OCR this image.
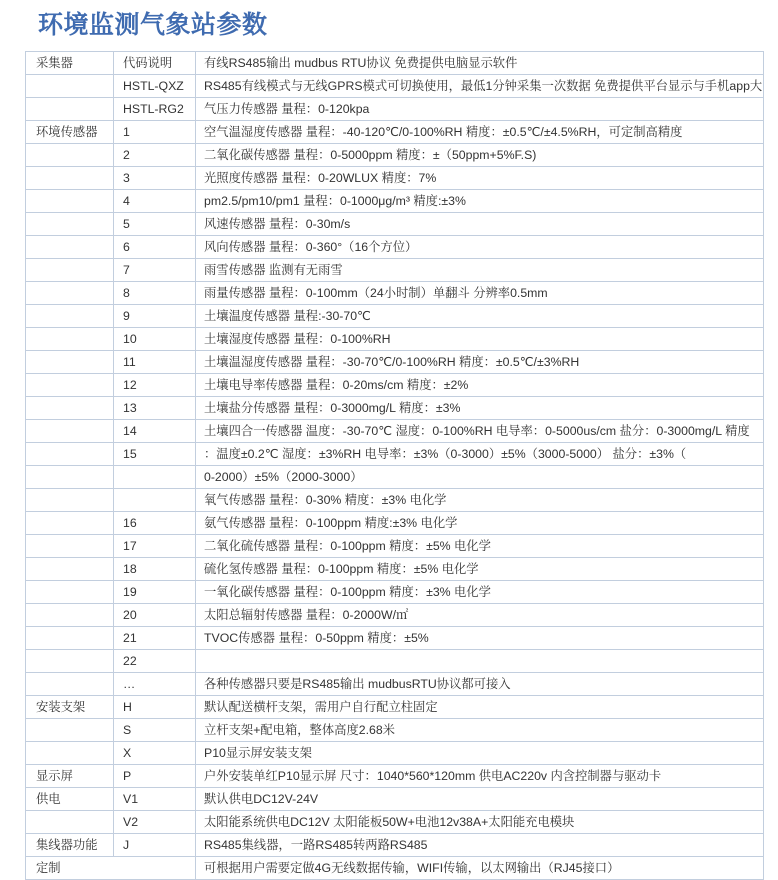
环境监测气象站参数
采集器	代码说明	有线RS485输出 mudbus RTU协议 免费提供电脑显示软件
	HSTL-QXZ	RS485有线模式与无线GPRS模式可切换使用，最低1分钟采集一次数据 免费提供平台显示与手机app大
	HSTL-RG2	气压力传感器 量程：0-120kpa
环境传感器	1	空气温湿度传感器 量程：-40-120℃/0-100%RH 精度：±0.5℃/±4.5%RH，可定制高精度
	2	二氧化碳传感器 量程：0-5000ppm 精度：±（50ppm+5%F.S)
	3	光照度传感器 量程：0-20WLUX 精度：7%
	4	pm2.5/pm10/pm1 量程：0-1000μg/m³ 精度:±3%
	5	风速传感器 量程：0-30m/s
	6	风向传感器 量程：0-360°（16个方位）
	7	雨雪传感器 监测有无雨雪
	8	雨量传感器 量程：0-100mm（24小时制）单翻斗 分辨率0.5mm
	9	土壤温度传感器 量程:-30-70℃
	10	土壤湿度传感器 量程：0-100%RH
	11	土壤温湿度传感器 量程：-30-70℃/0-100%RH 精度：±0.5℃/±3%RH
	12	土壤电导率传感器 量程：0-20ms/cm 精度：±2%
	13	土壤盐分传感器 量程：0-3000mg/L 精度：±3%
	14	土壤四合一传感器 温度：-30-70℃ 湿度：0-100%RH 电导率：0-5000us/cm 盐分：0-3000mg/L 精度
	15	：温度±0.2℃ 湿度：±3%RH 电导率：±3%（0-3000）±5%（3000-5000） 盐分：±3%（
		0-2000）±5%（2000-3000）
		氧气传感器 量程：0-30% 精度：±3% 电化学
	16	氨气传感器 量程：0-100ppm 精度:±3% 电化学
	17	二氧化硫传感器 量程：0-100ppm 精度：±5% 电化学
	18	硫化氢传感器 量程：0-100ppm 精度：±5% 电化学
	19	一氧化碳传感器 量程：0-100ppm 精度：±3% 电化学
	20	太阳总辐射传感器 量程：0-2000W/㎡
	21	TVOC传感器 量程：0-50ppm 精度：±5%
	22	
	…	各种传感器只要是RS485输出 mudbusRTU协议都可接入
安装支架	H	默认配送横杆支架，需用户自行配立柱固定
	S	立杆支架+配电箱，整体高度2.68米
	X	P10显示屏安装支架
显示屏	P	户外安装单红P10显示屏 尺寸：1040*560*120mm 供电AC220v 内含控制器与驱动卡
供电	V1	默认供电DC12V-24V
	V2	太阳能系统供电DC12V 太阳能板50W+电池12v38A+太阳能充电模块
集线器功能	J	RS485集线器，一路RS485转两路RS485
定制		可根据用户需要定做4G无线数据传输，WIFI传输，以太网输出（RJ45接口）
